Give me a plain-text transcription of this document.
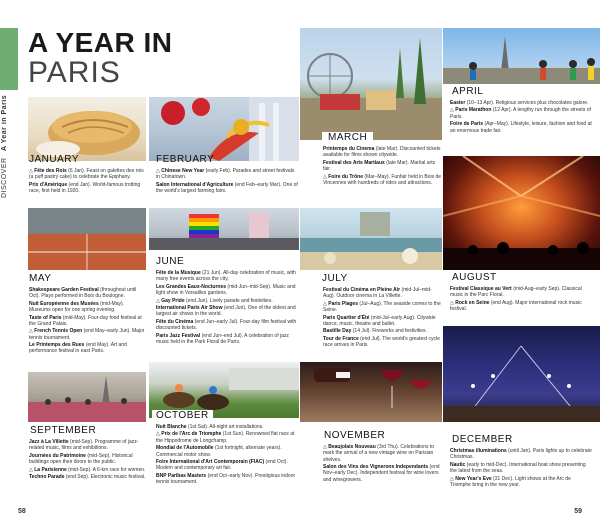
DISCOVER

A Year in Paris
A YEAR IN
PARIS
JANUARY	FEBRUARY
MARCH
APRIL

△ Fête des Rois (6 Jan). Feast on galettes des rois (a puff pastry cake) to celebrate the Epiphany.

Prix d'Amérique (end Jan). World-famous trotting race, first held in 1920.

△ Chinese New Year (early Feb). Parades and street festivals in Chinatown.

Salon International d'Agriculture (end Feb–early Mar). One of the world's largest farming fairs.

Printemps du Cinema (late Mar). Discounted tickets available for films shown citywide.

Festival des Arts Martiaux (late Mar). Martial arts fair.

△ Foire du Trône (Mar–May). Funfair held in Bois de Vincennes with hundreds of rides and attractions.

Easter (10–13 Apr). Religious services plus chocolates galore.

△ Paris Marathon (12 Apr). A lengthy run through the streets of Paris.

Foire de Paris (Apr–May). Lifestyle, leisure, fashion and food at an enormous trade fair.

MAY
JUNE
JULY	AUGUST

Shakespeare Garden Festival (throughout until Oct). Plays performed in Bois du Boulogne.

Nuit Européenne des Musées (mid-May). Museums open for one spring evening.

Taste of Paris (mid-May). Four-day food festival at the Grand Palais.

△ French Tennis Open (end May–early Jun). Major tennis tournament.

Le Printemps des Rues (end May). Art and performance festival in east Paris.

Fête de la Musique (21 Jun). All-day celebration of music, with many free events across the city.

Les Grandes Eaux-Nocturnes (mid-Jun–mid-Sep). Music and light show in Versailles gardens.

△ Gay Pride (end Jun). Lively parade and festivities.

International Paris Air Show (end Jun). One of the oldest and largest air shows in the world.

Fête du Cinéma (end Jun–early Jul). Four-day film festival with discounted tickets.

Paris Jazz Festival (end Jun–end Jul). A celebration of jazz music held in the Park Floral de Paris.

Festival du Cinéma en Pleine Air (mid-Jul–mid-Aug). Outdoor cinema in La Villette.

△ Paris Plages (Jul–Aug). The seaside comes to the Seine.

Paris Quartier d'Été (mid-Jul–early Aug). Citywide dance, music, theatre and ballet.

Bastille Day (14 Jul). Fireworks and festivities.

Tour de France (end Jul). The world's greatest cycle race arrives in Paris.

Festival Classique au Vert (mid-Aug–early Sep). Classical music in the Parc Floral.

△ Rock en Seine (end Aug). Major international rock music festival.

SEPTEMBER
OCTOBER
NOVEMBER	DECEMBER

Jazz à La Villette (mid-Sep). Programme of jazz-related music, films and exhibitions.

Journées du Patrimoine (mid-Sep). Historical buildings open their doors to the public.

△ La Parisienne (mid-Sep). A 6-km race for women.

Techno Parade (end Sep). Electronic music festival.

Nuit Blanche (1st Sat). All-night art installations.

△ Prix de l'Arc de Triomphe (1st Sun). Renowned flat race at the Hippodrome de Longchamp.

Mondial de l'Automobile (1st fortnight, alternate years). Commercial motor show.

Foire International d'Art Contemporain (FIAC) (end Oct). Modern and contemporary art fair.

BNP Paribas Masters (end Oct–early Nov). Prestigious indoor tennis tournament.

△ Beaujolais Nouveau (3rd Thu). Celebrations to mark the arrival of a new vintage wine on Parisian shelves.

Salon des Vins des Vignerons Independants (end Nov–early Dec). Independent festival for wine lovers and winegrowers.

Christmas illuminations (until Jan). Paris lights up to celebrate Christmas.

Nautic (early to mid-Dec). International boat show presenting the latest from the seas.

△ New Year's Eve (31 Dec). Light shows at the Arc de Triomphe bring in the new year.

58	59
